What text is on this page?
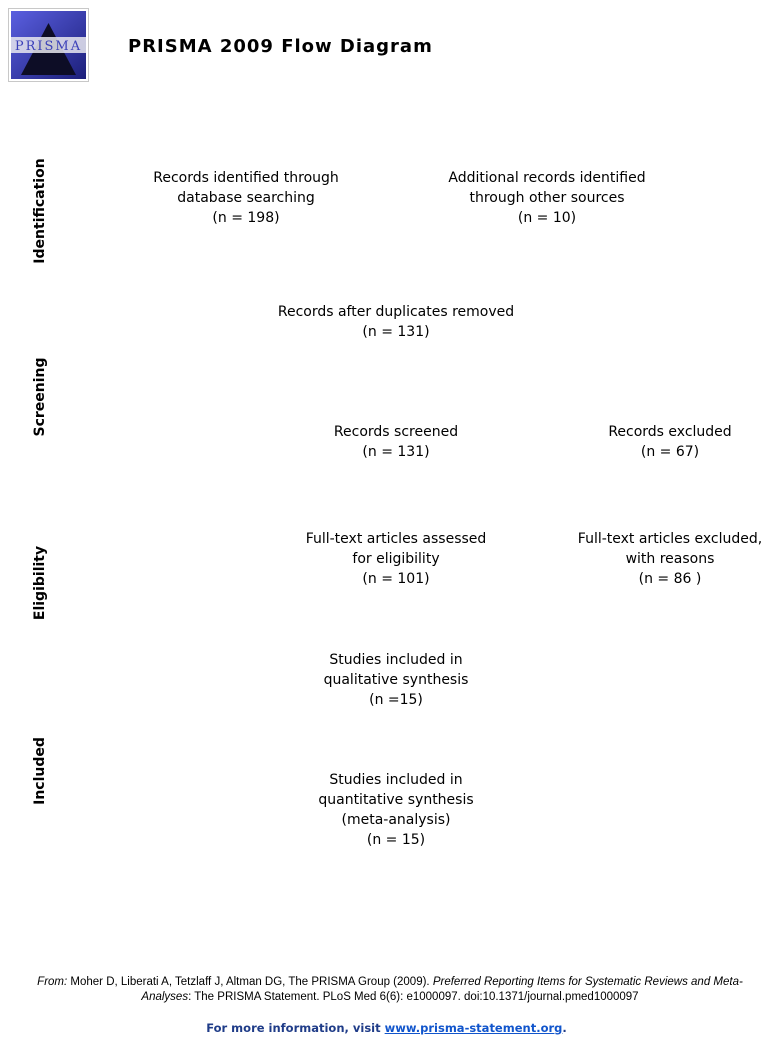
PRISMA	PRISMA 2009 Flow Diagram
Identification
Screening
Eligibility
Included
Records identified through
database searching
(n = 198)
Additional records identified
through other sources
(n = 10)
Records after duplicates removed
(n = 131)
Records screened
(n = 131)
Records excluded
(n = 67)
Full-text articles assessed
for eligibility
(n = 101)
Full-text articles excluded,
with reasons
(n = 86 )
Studies included in
qualitative synthesis
(n =15)
Studies included in
quantitative synthesis
(meta-analysis)
(n = 15)
From: Moher D, Liberati A, Tetzlaff J, Altman DG, The PRISMA Group (2009). Preferred Reporting Items for Systematic Reviews and Meta-Analyses: The PRISMA Statement. PLoS Med 6(6): e1000097. doi:10.1371/journal.pmed1000097
For more information, visit www.prisma-statement.org.
